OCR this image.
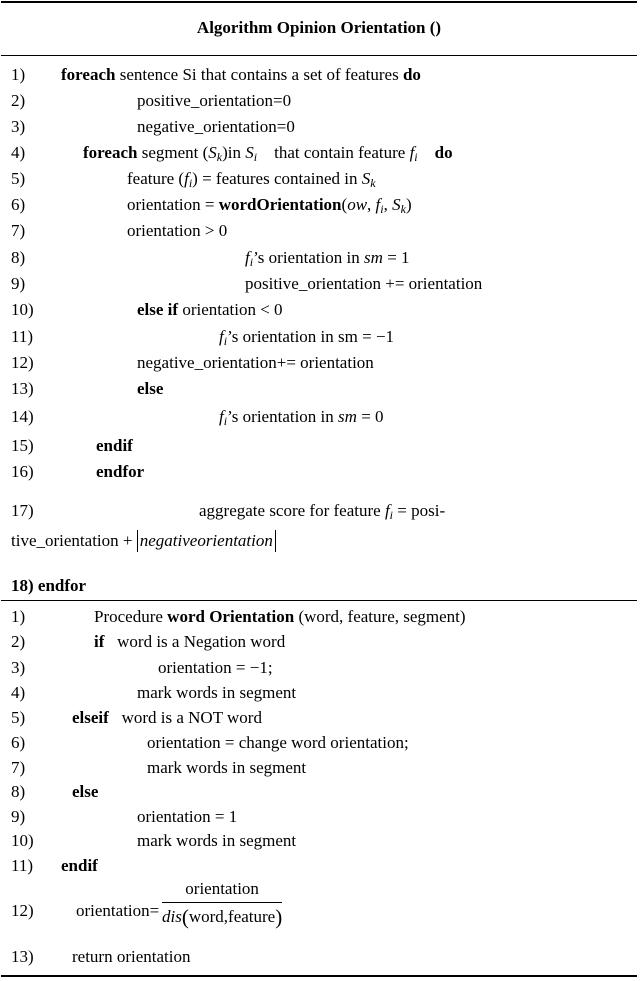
Algorithm Opinion Orientation ()
1)
2)
3)
4)
5)
6)
7)
8)
9)
10)
11)
12)
13)
14)
15)
16)
17)
foreach sentence Si that contains a set of features do
positive_orientation=0
negative_orientation=0
foreach segment $(S_k)in$ $S_i$ that contain feature $f_i$ do
feature $(f_i)$ = features contained in $S_k$
orientation = wordOrientation(ow, $f_i$, $S_k$)
orientation > 0
$f_i’s$ orientation in sm = 1
positive_orientation += orientation
else if orientation < 0
$f_i’s$ orientation in sm = −1
negative_orientation+= orientation
else
$f_i’s$ orientation in sm = 0
endif
endfor
aggregate score for feature $f_i$ = posi-
tive_orientation + negativeorientation
18) endfor
1)
2)
3)
4)
5)
6)
7)
8)
9)
10)
11)
12)
13)
Procedure word Orientation (word, feature, segment)
if word is a Negation word
orientation = −1;
mark words in segment
elseif word is a NOT word
orientation = change word orientation;
mark words in segment
else
orientation = 1
mark words in segment
endif
orientation=
orientation
dis(word,feature)
return orientation
